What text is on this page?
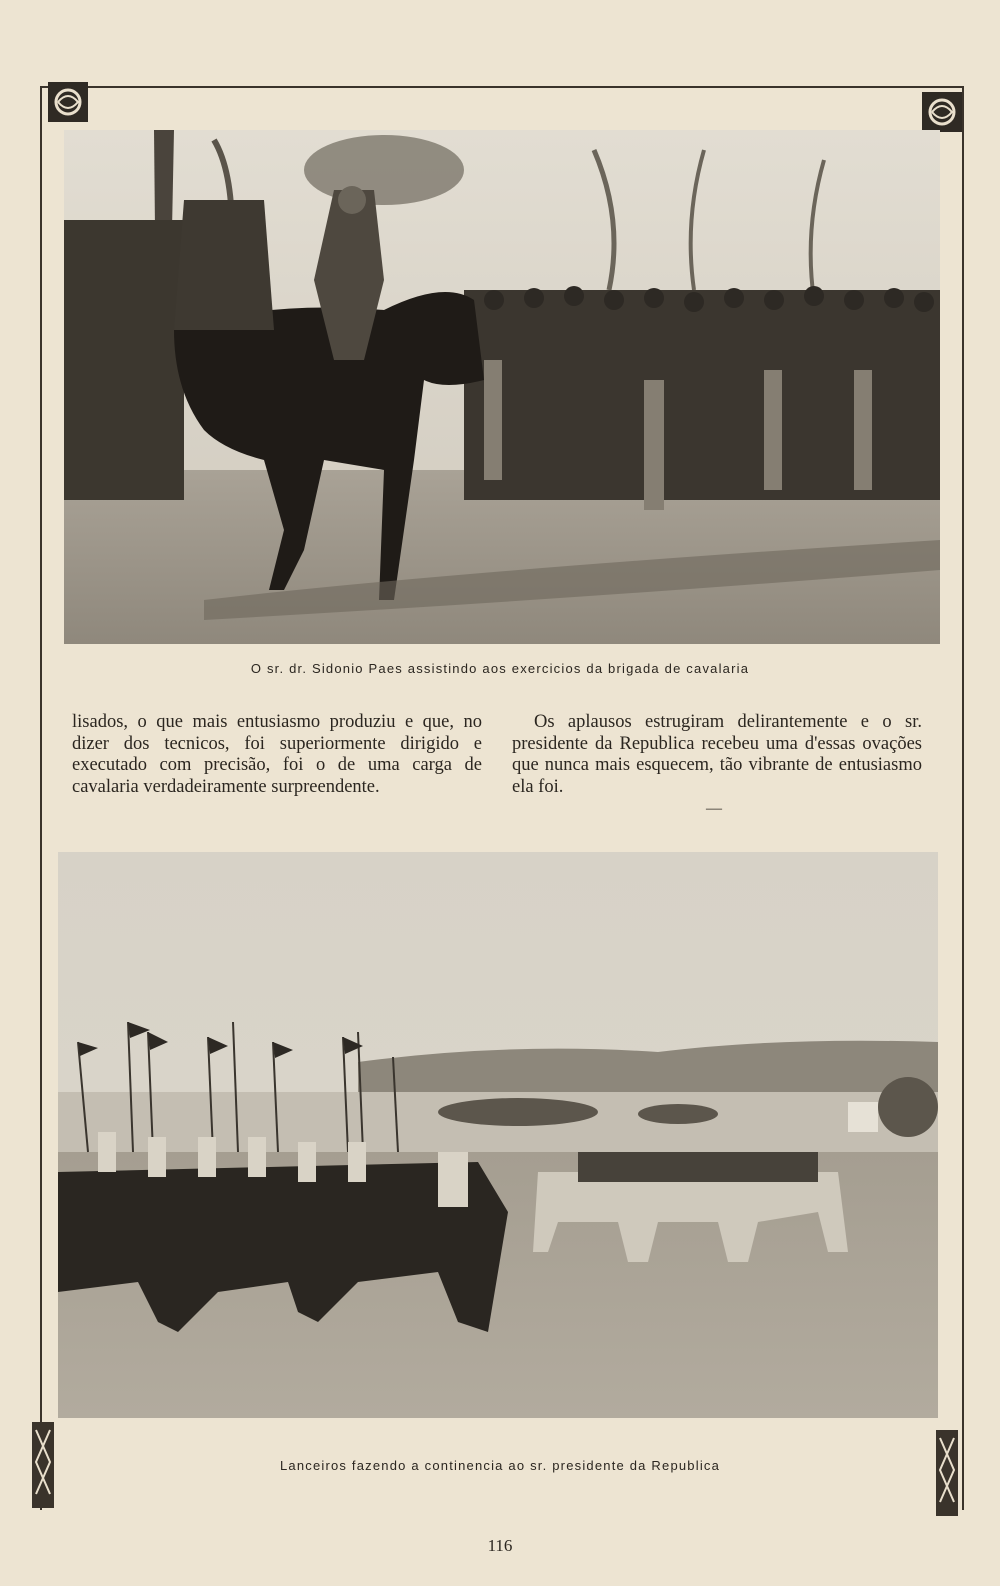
O sr. dr. Sidonio Paes assistindo aos exercicios da brigada de cavalaria
lisados, o que mais entusiasmo produziu e que, no dizer dos tecnicos, foi superiormente dirigido e executado com precisão, foi o de uma carga de cavalaria verdadeiramente surpreendente.
Os aplausos estrugiram delirantemente e o sr. presidente da Republica recebeu uma d'essas ovações que nunca mais esquecem, tão vibrante de entusiasmo ela foi.
—
Lanceiros fazendo a continencia ao sr. presidente da Republica
116
